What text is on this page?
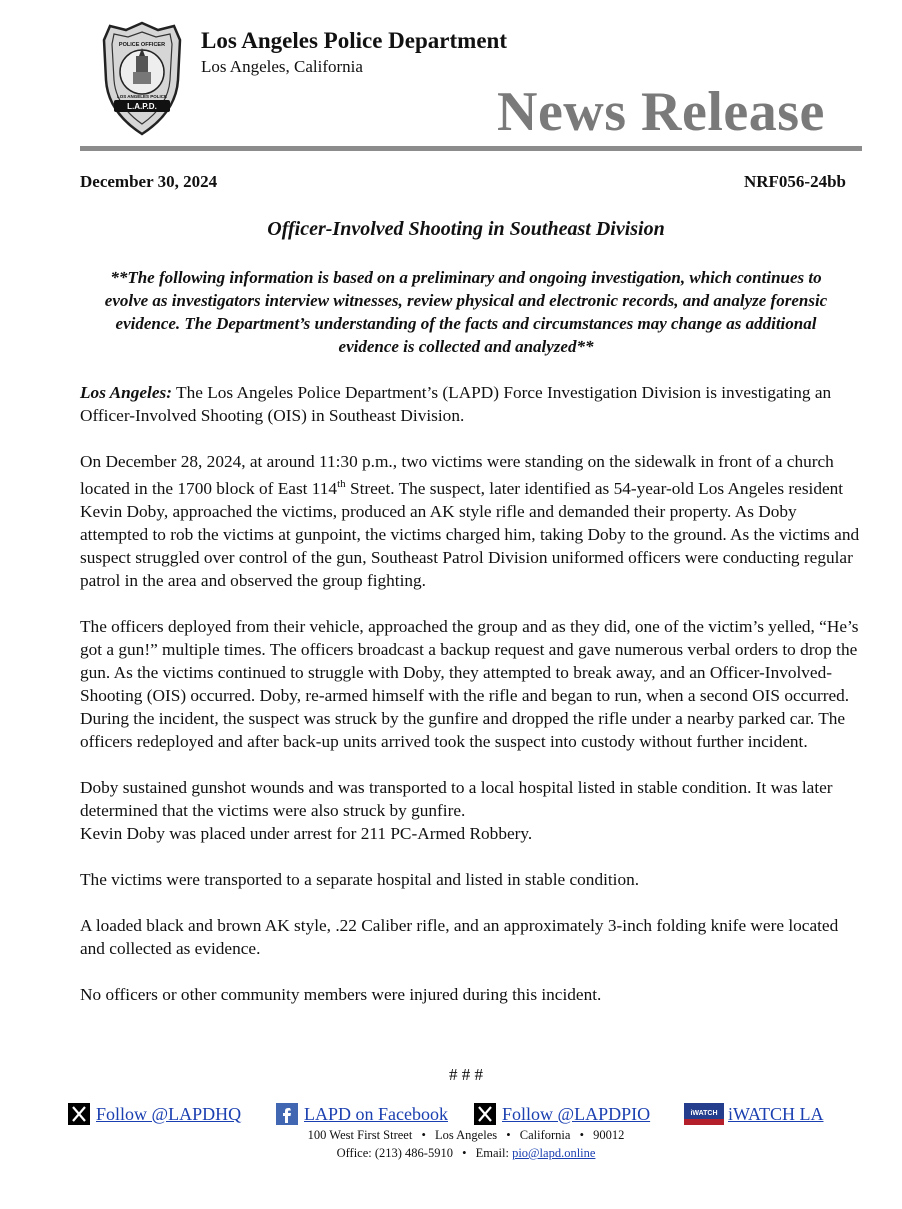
L.A.P.D.
POLICE OFFICER
LOS ANGELES POLICE
Los Angeles Police Department
Los Angeles, California
News Release
December 30, 2024	NRF056-24bb
Officer-Involved Shooting in Southeast Division
**The following information is based on a preliminary and ongoing investigation, which continues to evolve as investigators interview witnesses, review physical and electronic records, and analyze forensic evidence. The Department’s understanding of the facts and circumstances may change as additional evidence is collected and analyzed**

Los Angeles: The Los Angeles Police Department’s (LAPD) Force Investigation Division is investigating an Officer-Involved Shooting (OIS) in Southeast Division.

On December 28, 2024, at around 11:30 p.m., two victims were standing on the sidewalk in front of a church located in the 1700 block of East 114th Street. The suspect, later identified as 54-year-old Los Angeles resident Kevin Doby, approached the victims, produced an AK style rifle and demanded their property. As Doby attempted to rob the victims at gunpoint, the victims charged him, taking Doby to the ground. As the victims and suspect struggled over control of the gun, Southeast Patrol Division uniformed officers were conducting regular patrol in the area and observed the group fighting.

The officers deployed from their vehicle, approached the group and as they did, one of the victim’s yelled, “He’s got a gun!” multiple times. The officers broadcast a backup request and gave numerous verbal orders to drop the gun. As the victims continued to struggle with Doby, they attempted to break away, and an Officer-Involved-Shooting (OIS) occurred. Doby, re-armed himself with the rifle and began to run, when a second OIS occurred. During the incident, the suspect was struck by the gunfire and dropped the rifle under a nearby parked car. The officers redeployed and after back-up units arrived took the suspect into custody without further incident.

Doby sustained gunshot wounds and was transported to a local hospital listed in stable condition. It was later determined that the victims were also struck by gunfire.

Kevin Doby was placed under arrest for 211 PC-Armed Robbery.

The victims were transported to a separate hospital and listed in stable condition.

A loaded black and brown AK style, .22 Caliber rifle, and an approximately 3-inch folding knife were located and collected as evidence.

No officers or other community members were injured during this incident.

# # #
Follow @LAPDHQ	LAPD on Facebook	Follow @LAPDPIO	iWATCH iWATCH LA
100 West First Street • Los Angeles • California • 90012
Office: (213) 486-5910 • Email: pio@lapd.online
